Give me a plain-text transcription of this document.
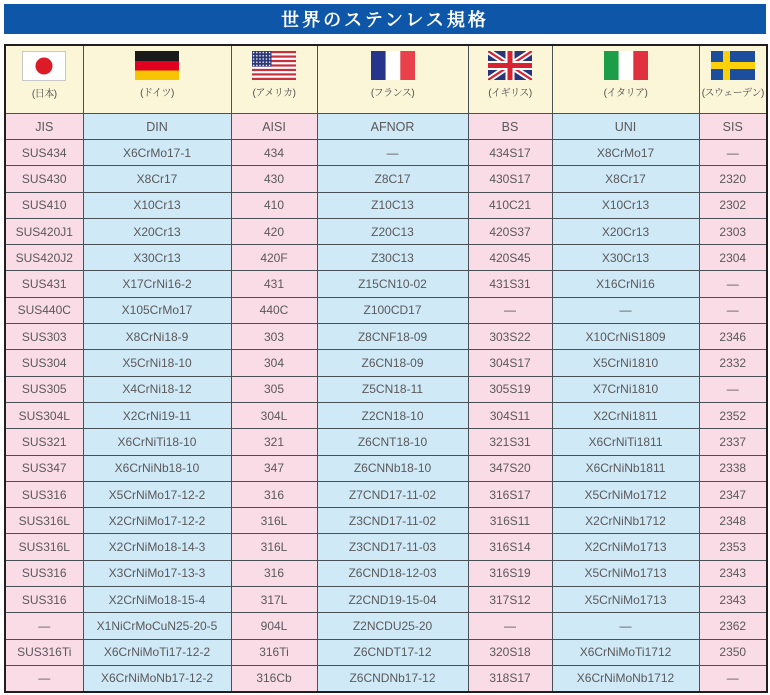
世界のステンレス規格
(日本)	(ドイツ)	(アメリカ)	(フランス)	(イギリス)	(イタリア)	(スウェーデン)

JIS	DIN	AISI	AFNOR	BS	UNI	SIS
SUS434	X6CrMo17-1	434	—	434S17	X8CrMo17	—
SUS430	X8Cr17	430	Z8C17	430S17	X8Cr17	2320
SUS410	X10Cr13	410	Z10C13	410C21	X10Cr13	2302
SUS420J1	X20Cr13	420	Z20C13	420S37	X20Cr13	2303
SUS420J2	X30Cr13	420F	Z30C13	420S45	X30Cr13	2304
SUS431	X17CrNi16-2	431	Z15CN10-02	431S31	X16CrNi16	—
SUS440C	X105CrMo17	440C	Z100CD17	—	—	—
SUS303	X8CrNi18-9	303	Z8CNF18-09	303S22	X10CrNiS1809	2346
SUS304	X5CrNi18-10	304	Z6CN18-09	304S17	X5CrNi1810	2332
SUS305	X4CrNi18-12	305	Z5CN18-11	305S19	X7CrNi1810	—
SUS304L	X2CrNi19-11	304L	Z2CN18-10	304S11	X2CrNi1811	2352
SUS321	X6CrNiTi18-10	321	Z6CNT18-10	321S31	X6CrNiTi1811	2337
SUS347	X6CrNiNb18-10	347	Z6CNNb18-10	347S20	X6CrNiNb1811	2338
SUS316	X5CrNiMo17-12-2	316	Z7CND17-11-02	316S17	X5CrNiMo1712	2347
SUS316L	X2CrNiMo17-12-2	316L	Z3CND17-11-02	316S11	X2CrNiNb1712	2348
SUS316L	X2CrNiMo18-14-3	316L	Z3CND17-11-03	316S14	X2CrNiMo1713	2353
SUS316	X3CrNiMo17-13-3	316	Z6CND18-12-03	316S19	X5CrNiMo1713	2343
SUS316	X2CrNiMo18-15-4	317L	Z2CND19-15-04	317S12	X5CrNiMo1713	2343
—	X1NiCrMoCuN25-20-5	904L	Z2NCDU25-20	—	—	2362
SUS316Ti	X6CrNiMoTi17-12-2	316Ti	Z6CNDT17-12	320S18	X6CrNiMoTi1712	2350
—	X6CrNiMoNb17-12-2	316Cb	Z6CNDNb17-12	318S17	X6CrNiMoNb1712	—
